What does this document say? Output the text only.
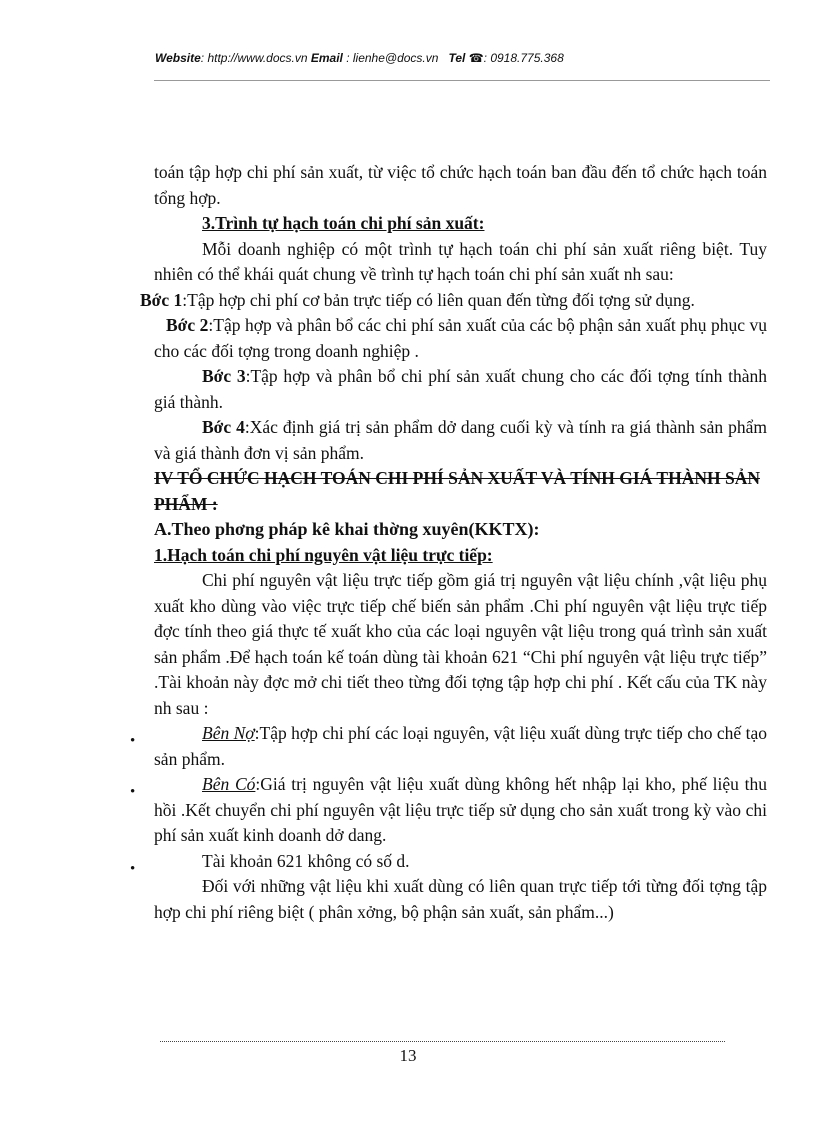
Website: http://www.docs.vn Email : lienhe@docs.vn Tel ☎: 0918.775.368

toán tập hợp chi phí sản xuất, từ việc tổ chức hạch toán ban đầu đến tổ chức hạch toán tổng hợp.

3.Trình tự hạch toán chi phí sản xuất:

Mỗi doanh nghiệp có một trình tự hạch toán chi phí sản xuất riêng biệt. Tuy nhiên có thể khái quát chung về trình tự hạch toán chi phí sản xuất nh sau:

Bớc 1:Tập hợp chi phí cơ bản trực tiếp có liên quan đến từng đối tợng sử dụng.

Bớc 2:Tập hợp và phân bổ các chi phí sản xuất của các bộ phận sản xuất phụ phục vụ cho các đối tợng trong doanh nghiệp .

Bớc 3:Tập hợp và phân bổ chi phí sản xuất chung cho các đối tợng tính thành giá thành.

Bớc 4:Xác định giá trị sản phẩm dở dang cuối kỳ và tính ra giá thành sản phẩm và giá thành đơn vị sản phẩm.

IV TỔ CHỨC HẠCH TOÁN CHI PHÍ SẢN XUẤT VÀ TÍNH GIÁ THÀNH SẢN PHẨM :

A.Theo phơng pháp kê khai thờng xuyên(KKTX):

1.Hạch toán chi phí nguyên vật liệu trực tiếp:

Chi phí nguyên vật liệu trực tiếp gồm giá trị nguyên vật liệu chính ,vật liệu phụ xuất kho dùng vào việc trực tiếp chế biến sản phẩm .Chi phí nguyên vật liệu trực tiếp đợc tính theo giá thực tế xuất kho của các loại nguyên vật liệu trong quá trình sản xuất sản phẩm .Để hạch toán kế toán dùng tài khoản 621 “Chi phí nguyên vật liệu trực tiếp” .Tài khoản này đợc mở chi tiết theo từng đối tợng tập hợp chi phí . Kết cấu của TK này nh sau :

•	Bên Nợ:Tập hợp chi phí các loại nguyên, vật liệu xuất dùng trực tiếp cho chế tạo sản phẩm.

•	Bên Có:Giá trị nguyên vật liệu xuất dùng không hết nhập lại kho, phế liệu thu hồi .Kết chuyển chi phí nguyên vật liệu trực tiếp sử dụng cho sản xuất trong kỳ vào chi phí sản xuất kinh doanh dở dang.

•	Tài khoản 621 không có số d.

Đối với những vật liệu khi xuất dùng có liên quan trực tiếp tới từng đối tợng tập hợp chi phí riêng biệt ( phân xởng, bộ phận sản xuất, sản phẩm...)

13
